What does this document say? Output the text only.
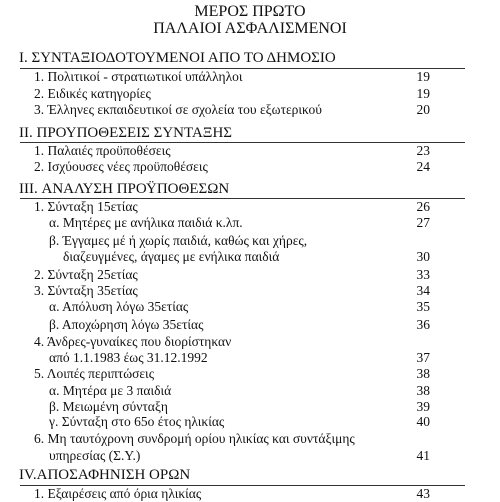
ΜΕΡΟΣ ΠΡΩΤΟ
ΠΑΛΑΙΟΙ ΑΣΦΑΛΙΣΜΕΝΟΙ
I. ΣΥΝΤΑΞΙΟΔΟΤΟΥΜΕΝΟΙ ΑΠΟ ΤΟ ΔΗΜΟΣΙΟ
1. Πολιτικοί - στρατιωτικοί υπάλληλοι	19
2. Ειδικές κατηγορίες	19
3. Έλληνες εκπαιδευτικοί σε σχολεία του εξωτερικού	20
II. ΠΡΟΥΠΟΘΕΣΕΙΣ ΣΥΝΤΑΞΗΣ
1. Παλαιές προϋποθέσεις	23
2. Ισχύουσες νέες προϋποθέσεις	24
III. ΑΝΑΛΥΣΗ ΠΡΟΫΠΟΘΕΣΩΝ
1. Σύνταξη 15ετίας	26
α. Μητέρες με ανήλικα παιδιά κ.λπ.	27
β. Έγγαμες μέ ή χωρίς παιδιά, καθώς και χήρες,
διαζευγμένες, άγαμες με ενήλικα παιδιά	30
2. Σύνταξη 25ετίας	33
3. Σύνταξη 35ετίας	34
α. Απόλυση λόγω 35ετίας	35
β. Αποχώρηση λόγω 35ετίας	36
4. Άνδρες-γυναίκες που διορίστηκαν
από 1.1.1983 έως 31.12.1992	37
5. Λοιπές περιπτώσεις	38
α. Μητέρα με 3 παιδιά	38
β. Μειωμένη σύνταξη	39
γ. Σύνταξη στο 65ο έτος ηλικίας	40
6. Μη ταυτόχρονη συνδρομή ορίου ηλικίας και συντάξιμης
υπηρεσίας (Σ.Υ.)	41
IV.ΑΠΟΣΑΦΗΝΙΣΗ ΟΡΩΝ
1. Εξαιρέσεις από όρια ηλικίας	43
